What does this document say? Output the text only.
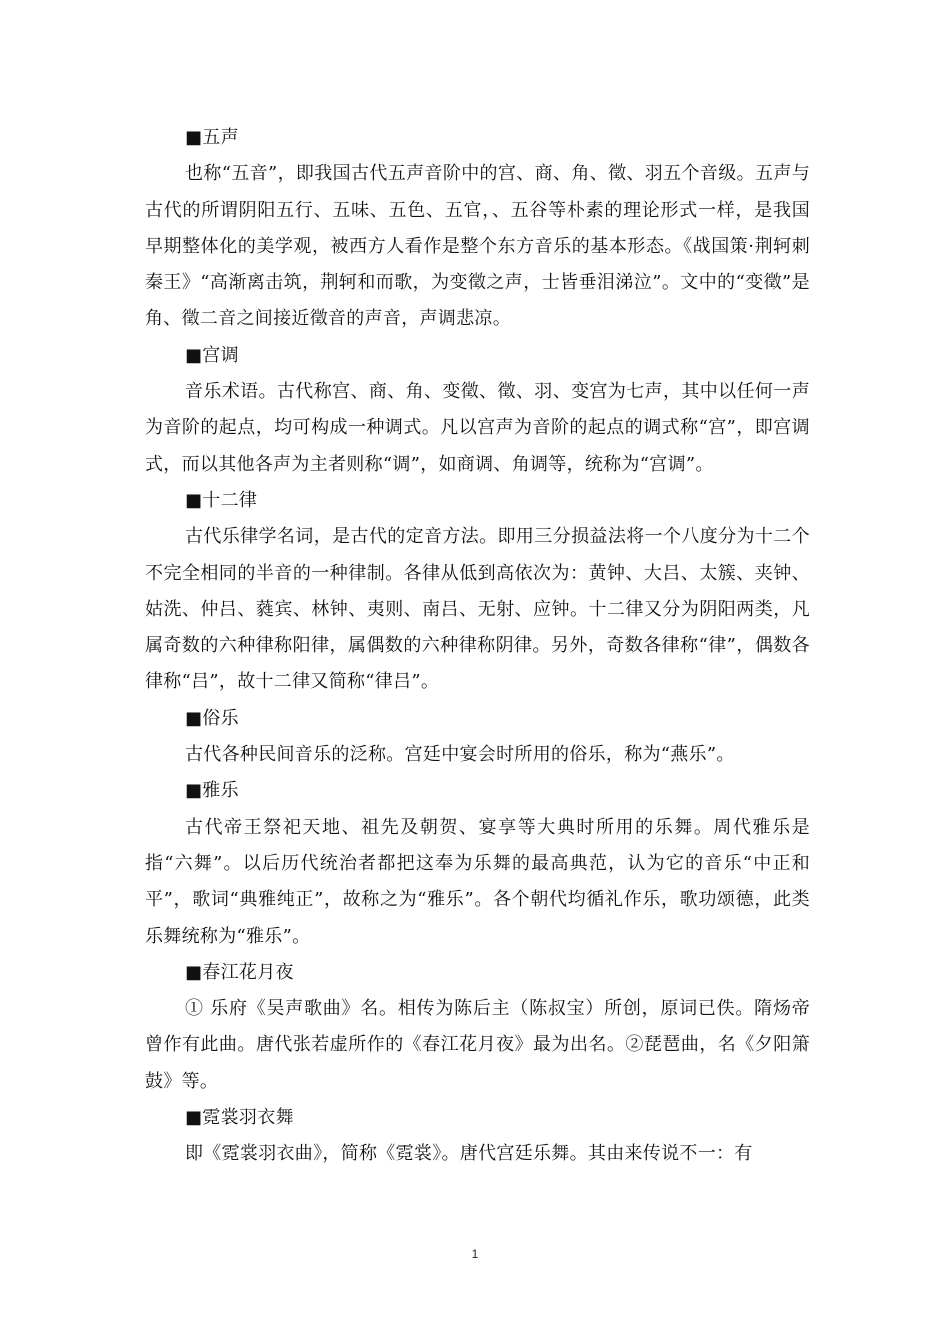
■五声

也称“五音”，即我国古代五声音阶中的宫、商、角、徵、羽五个音级。五声与古代的所谓阴阳五行、五味、五色、五官，、五谷等朴素的理论形式一样，是我国早期整体化的美学观，被西方人看作是整个东方音乐的基本形态。《战国策·荆轲刺秦王》“高渐离击筑，荆轲和而歌，为变徵之声，士皆垂泪涕泣”。文中的“变徵”是角、徵二音之间接近徵音的声音，声调悲凉。

■宫调

音乐术语。古代称宫、商、角、变徵、徵、羽、变宫为七声，其中以任何一声为音阶的起点，均可构成一种调式。凡以宫声为音阶的起点的调式称“宫”，即宫调式，而以其他各声为主者则称“调”，如商调、角调等，统称为“宫调”。

■十二律

古代乐律学名词，是古代的定音方法。即用三分损益法将一个八度分为十二个不完全相同的半音的一种律制。各律从低到高依次为：黄钟、大吕、太簇、夹钟、姑洗、仲吕、蕤宾、林钟、夷则、南吕、无射、应钟。十二律又分为阴阳两类，凡属奇数的六种律称阳律，属偶数的六种律称阴律。另外，奇数各律称“律”，偶数各律称“吕”，故十二律又简称“律吕”。

■俗乐

古代各种民间音乐的泛称。宫廷中宴会时所用的俗乐，称为“燕乐”。

■雅乐

古代帝王祭祀天地、祖先及朝贺、宴享等大典时所用的乐舞。周代雅乐是指“六舞”。以后历代统治者都把这奉为乐舞的最高典范，认为它的音乐“中正和平”，歌词“典雅纯正”，故称之为“雅乐”。各个朝代均循礼作乐，歌功颂德，此类乐舞统称为“雅乐”。

■春江花月夜

① 乐府《吴声歌曲》名。相传为陈后主（陈叔宝）所创，原词已佚。隋炀帝曾作有此曲。唐代张若虚所作的《春江花月夜》最为出名。②琵琶曲，名《夕阳箫鼓》等。

■霓裳羽衣舞

即《霓裳羽衣曲》，简称《霓裳》。唐代宫廷乐舞。其由来传说不一：有

1
